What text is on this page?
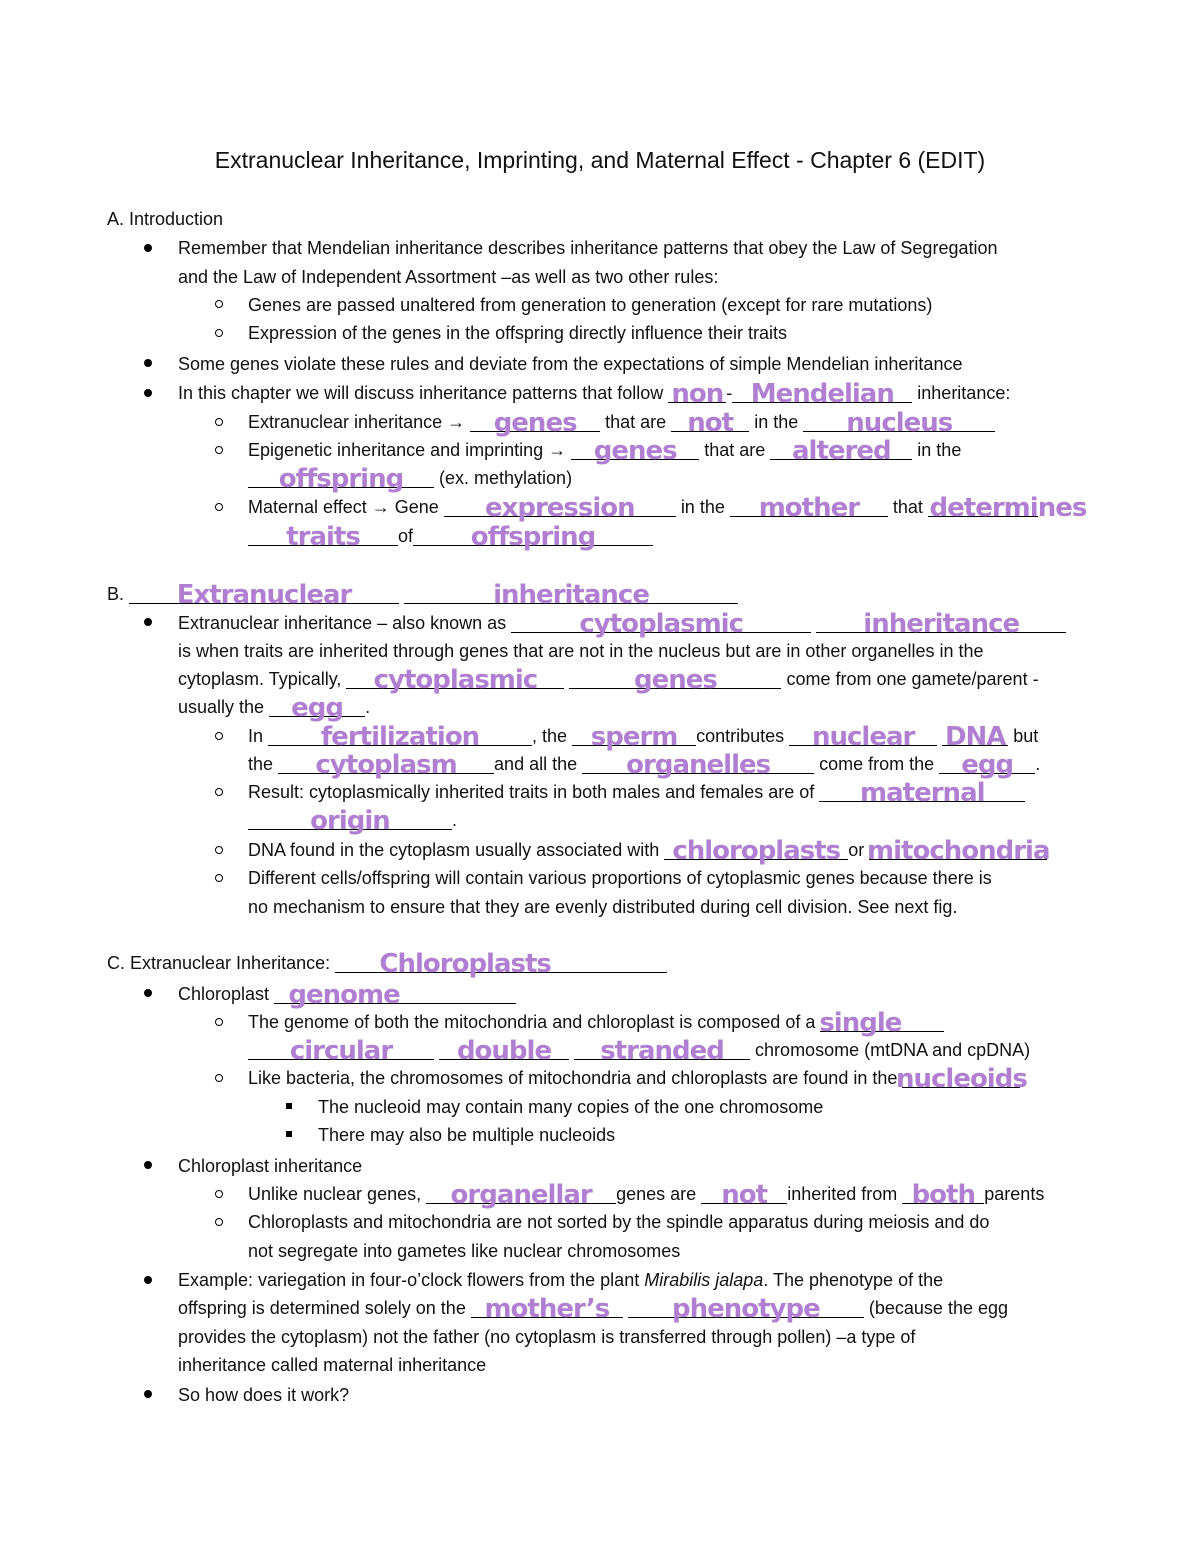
Extranuclear Inheritance, Imprinting, and Maternal Effect - Chapter 6 (EDIT)
A. Introduction
Remember that Mendelian inheritance describes inheritance patterns that obey the Law of Segregation
and the Law of Independent Assortment –as well as two other rules:
Genes are passed unaltered from generation to generation (except for rare mutations)
Expression of the genes in the offspring directly influence their traits
Some genes violate these rules and deviate from the expectations of simple Mendelian inheritance
In this chapter we will discuss inheritance patterns that follow non - Mendelian inheritance:
Extranuclear inheritance → genes that are not in the nucleus
Epigenetic inheritance and imprinting → genes that are altered in the
offspring (ex. methylation)
Maternal effect → Gene expression	in the mother that determines
traits of offspring
B. Extranuclear
	inheritance
Extranuclear inheritance – also known as	cytoplasmic
	inheritance
is when traits are inherited through genes that are not in the nucleus but are in other organelles in the
cytoplasm. Typically, cytoplasmic
	genes	come from one gamete/parent -
usually the egg .
In fertilization	, the sperm contributes nuclear
DNA but
the cytoplasm and all the organelles	come from the egg .
Result: cytoplasmically inherited traits in both males and females are of maternal
origin	.
DNA found in the cytoplasm usually associated with chloroplasts or mitochondria
Different cells/offspring will contain various proportions of cytoplasmic genes because there is
no mechanism to ensure that they are evenly distributed during cell division. See next fig.
C. Extranuclear Inheritance: Chloroplasts
Chloroplast genome
The genome of both the mitochondria and chloroplast is composed of a single
circular
double
stranded chromosome (mtDNA and cpDNA)
Like bacteria, the chromosomes of mitochondria and chloroplasts are found in the
nucleoids
The nucleoid may contain many copies of the one chromosome
There may also be multiple nucleoids
Chloroplast inheritance
Unlike nuclear genes, organellar genes are not inherited from both parents
Chloroplasts and mitochondria are not sorted by the spindle apparatus during meiosis and do
not segregate into gametes like nuclear chromosomes
Example: variegation in four-o’clock flowers from the plant Mirabilis jalapa. The phenotype of the
offspring is determined solely on the mother’s
phenotype	(because the egg
provides the cytoplasm) not the father (no cytoplasm is transferred through pollen) –a type of
inheritance called maternal inheritance
So how does it work?
